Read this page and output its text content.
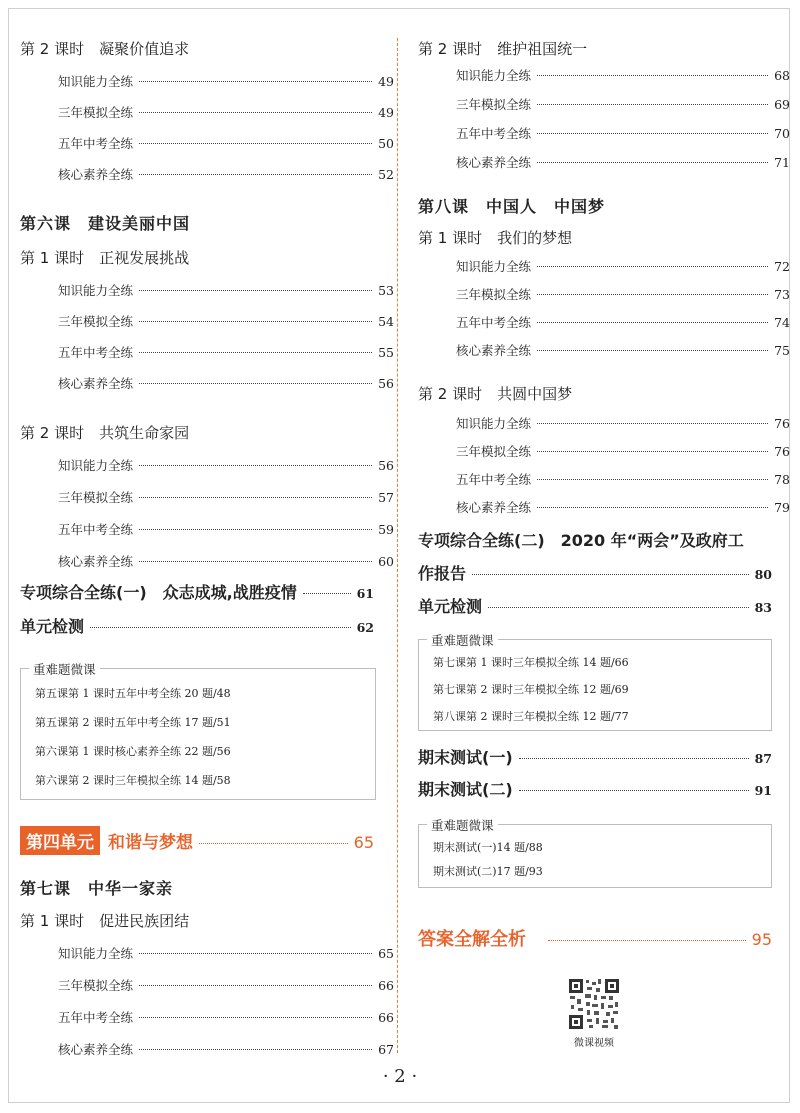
第 2 课时　凝聚价值追求
知识能力全练	49
三年模拟全练	49
五年中考全练	50
核心素养全练	52
第六课　建设美丽中国
第 1 课时　正视发展挑战
知识能力全练	53
三年模拟全练	54
五年中考全练	55
核心素养全练	56
第 2 课时　共筑生命家园
知识能力全练	56
三年模拟全练	57
五年中考全练	59
核心素养全练	60
专项综合全练(一)　众志成城,战胜疫情	61
单元检测	62
重难题微课
第五课第 1 课时五年中考全练 20 题/48
第五课第 2 课时五年中考全练 17 题/51
第六课第 1 课时核心素养全练 22 题/56
第六课第 2 课时三年模拟全练 14 题/58
第四单元 和谐与梦想	65
第七课　中华一家亲
第 1 课时　促进民族团结
知识能力全练	65
三年模拟全练	66
五年中考全练	66
核心素养全练	67
第 2 课时　维护祖国统一
知识能力全练	68
三年模拟全练	69
五年中考全练	70
核心素养全练	71
第八课　中国人　中国梦
第 1 课时　我们的梦想
知识能力全练	72
三年模拟全练	73
五年中考全练	74
核心素养全练	75
第 2 课时　共圆中国梦
知识能力全练	76
三年模拟全练	76
五年中考全练	78
核心素养全练	79
专项综合全练(二)　2020 年“两会”及政府工
作报告	80
单元检测	83
重难题微课
第七课第 1 课时三年模拟全练 14 题/66
第七课第 2 课时三年模拟全练 12 题/69
第八课第 2 课时三年模拟全练 12 题/77
期末测试(一)	87
期末测试(二)	91
重难题微课
期末测试(一)14 题/88
期末测试(二)17 题/93
答案全解全析	95
微课视频
· 2 ·
